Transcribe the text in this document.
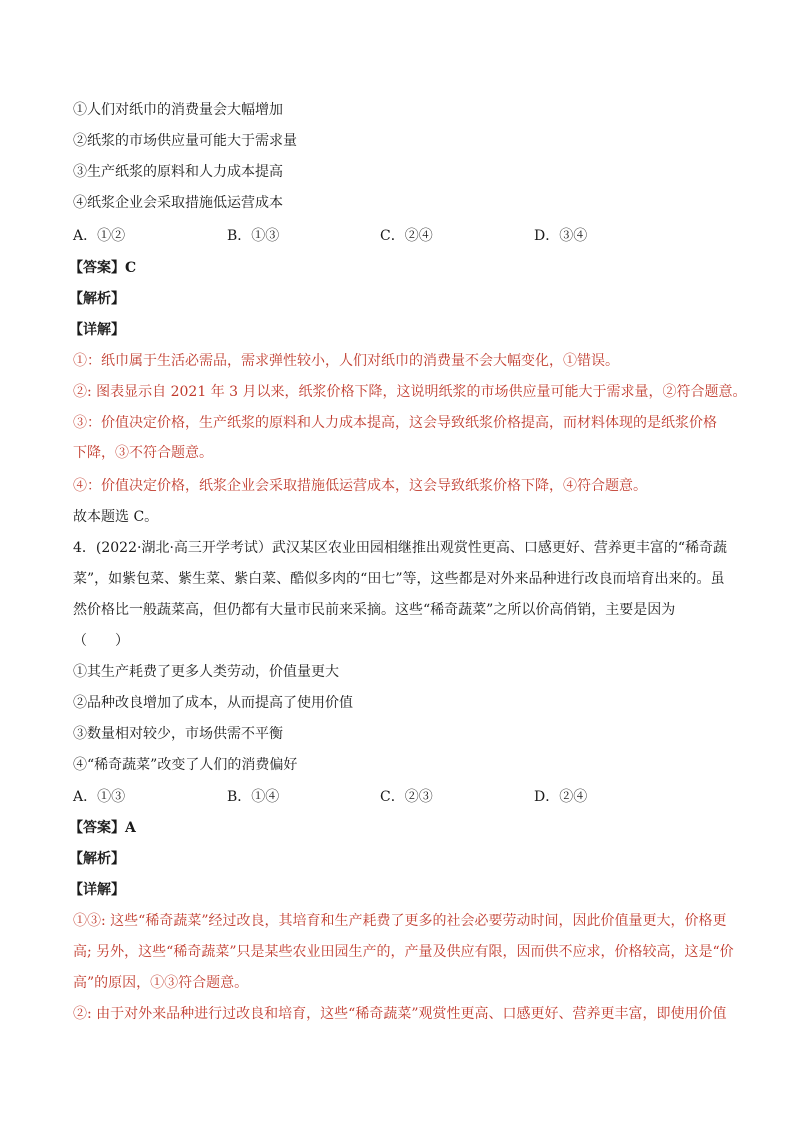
①人们对纸巾的消费量会大幅增加
②纸浆的市场供应量可能大于需求量
③生产纸浆的原料和人力成本提高
④纸浆企业会采取措施低运营成本
A．①②	B．①③	C．②④	D．③④
【答案】C
【解析】
【详解】
①：纸巾属于生活必需品，需求弹性较小，人们对纸巾的消费量不会大幅变化，①错误。
②: 图表显示自 2021 年 3 月以来，纸浆价格下降，这说明纸浆的市场供应量可能大于需求量，②符合题意。
③：价值决定价格，生产纸浆的原料和人力成本提高，这会导致纸浆价格提高，而材料体现的是纸浆价格
下降，③不符合题意。
④：价值决定价格，纸浆企业会采取措施低运营成本，这会导致纸浆价格下降，④符合题意。
故本题选 C。
4．(2022·湖北·高三开学考试）武汉某区农业田园相继推出观赏性更高、口感更好、营养更丰富的“稀奇蔬
菜”，如紫包菜、紫生菜、紫白菜、酷似多肉的“田七”等，这些都是对外来品种进行改良而培育出来的。虽
然价格比一般蔬菜高，但仍都有大量市民前来采摘。这些“稀奇蔬菜”之所以价高俏销，主要是因为
（　　）
①其生产耗费了更多人类劳动，价值量更大
②品种改良增加了成本，从而提高了使用价值
③数量相对较少，市场供需不平衡
④“稀奇蔬菜”改变了人们的消费偏好
A．①③	B．①④	C．②③	D．②④
【答案】A
【解析】
【详解】
①③: 这些“稀奇蔬菜”经过改良，其培育和生产耗费了更多的社会必要劳动时间，因此价值量更大，价格更
高; 另外，这些“稀奇蔬菜”只是某些农业田园生产的，产量及供应有限，因而供不应求，价格较高，这是“价
高”的原因，①③符合题意。
②: 由于对外来品种进行过改良和培育，这些“稀奇蔬菜”观赏性更高、口感更好、营养更丰富，即使用价值
